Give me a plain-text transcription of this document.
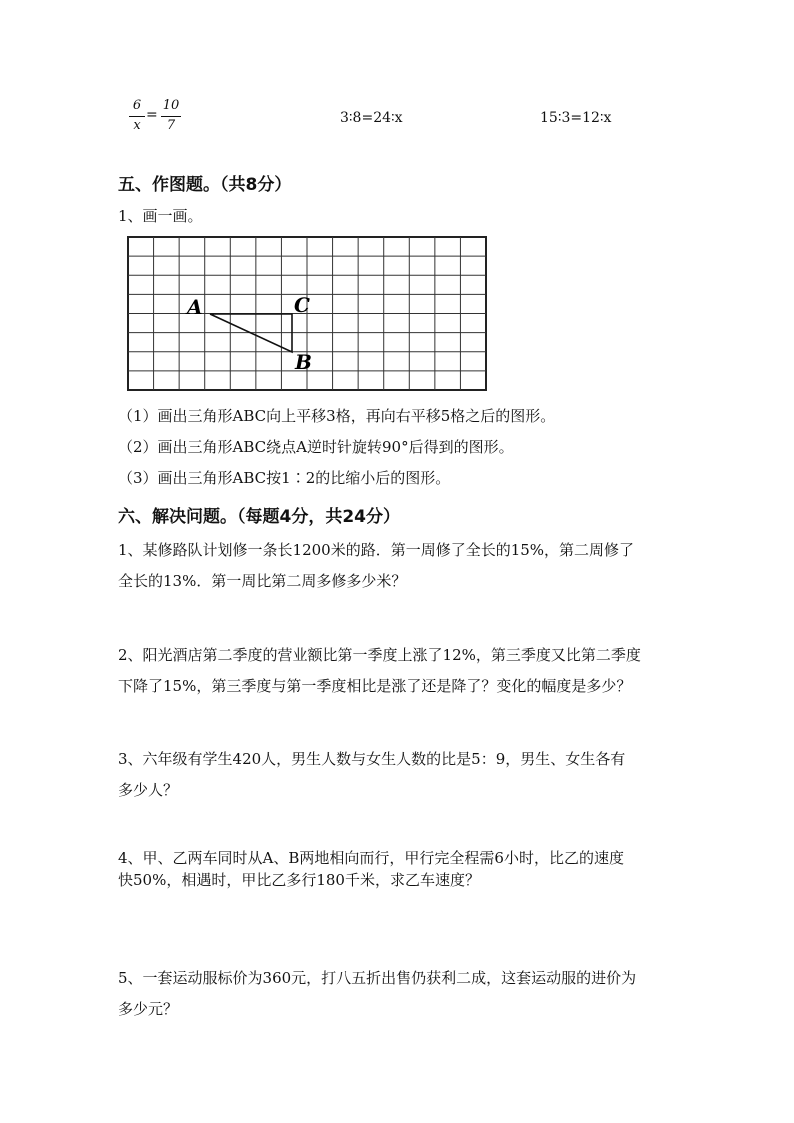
6
x
=
10
7	3∶8=24∶x	15∶3=12∶x
五、作图题。（共8分）
1、画一画。
A	C
B
（1）画出三角形ABC向上平移3格，再向右平移5格之后的图形。
（2）画出三角形ABC绕点A逆时针旋转90°后得到的图形。
（3）画出三角形ABC按1∶2的比缩小后的图形。
六、解决问题。（每题4分，共24分）
1、某修路队计划修一条长1200米的路．第一周修了全长的15%，第二周修了
全长的13%．第一周比第二周多修多少米？
2、阳光酒店第二季度的营业额比第一季度上涨了12%，第三季度又比第二季度
下降了15%，第三季度与第一季度相比是涨了还是降了？变化的幅度是多少？
3、六年级有学生420人，男生人数与女生人数的比是5：9，男生、女生各有
多少人？
4、甲、乙两车同时从A、B两地相向而行，甲行完全程需6小时，比乙的速度
快50%，相遇时，甲比乙多行180千米，求乙车速度？
5、一套运动服标价为360元，打八五折出售仍获利二成，这套运动服的进价为
多少元？
